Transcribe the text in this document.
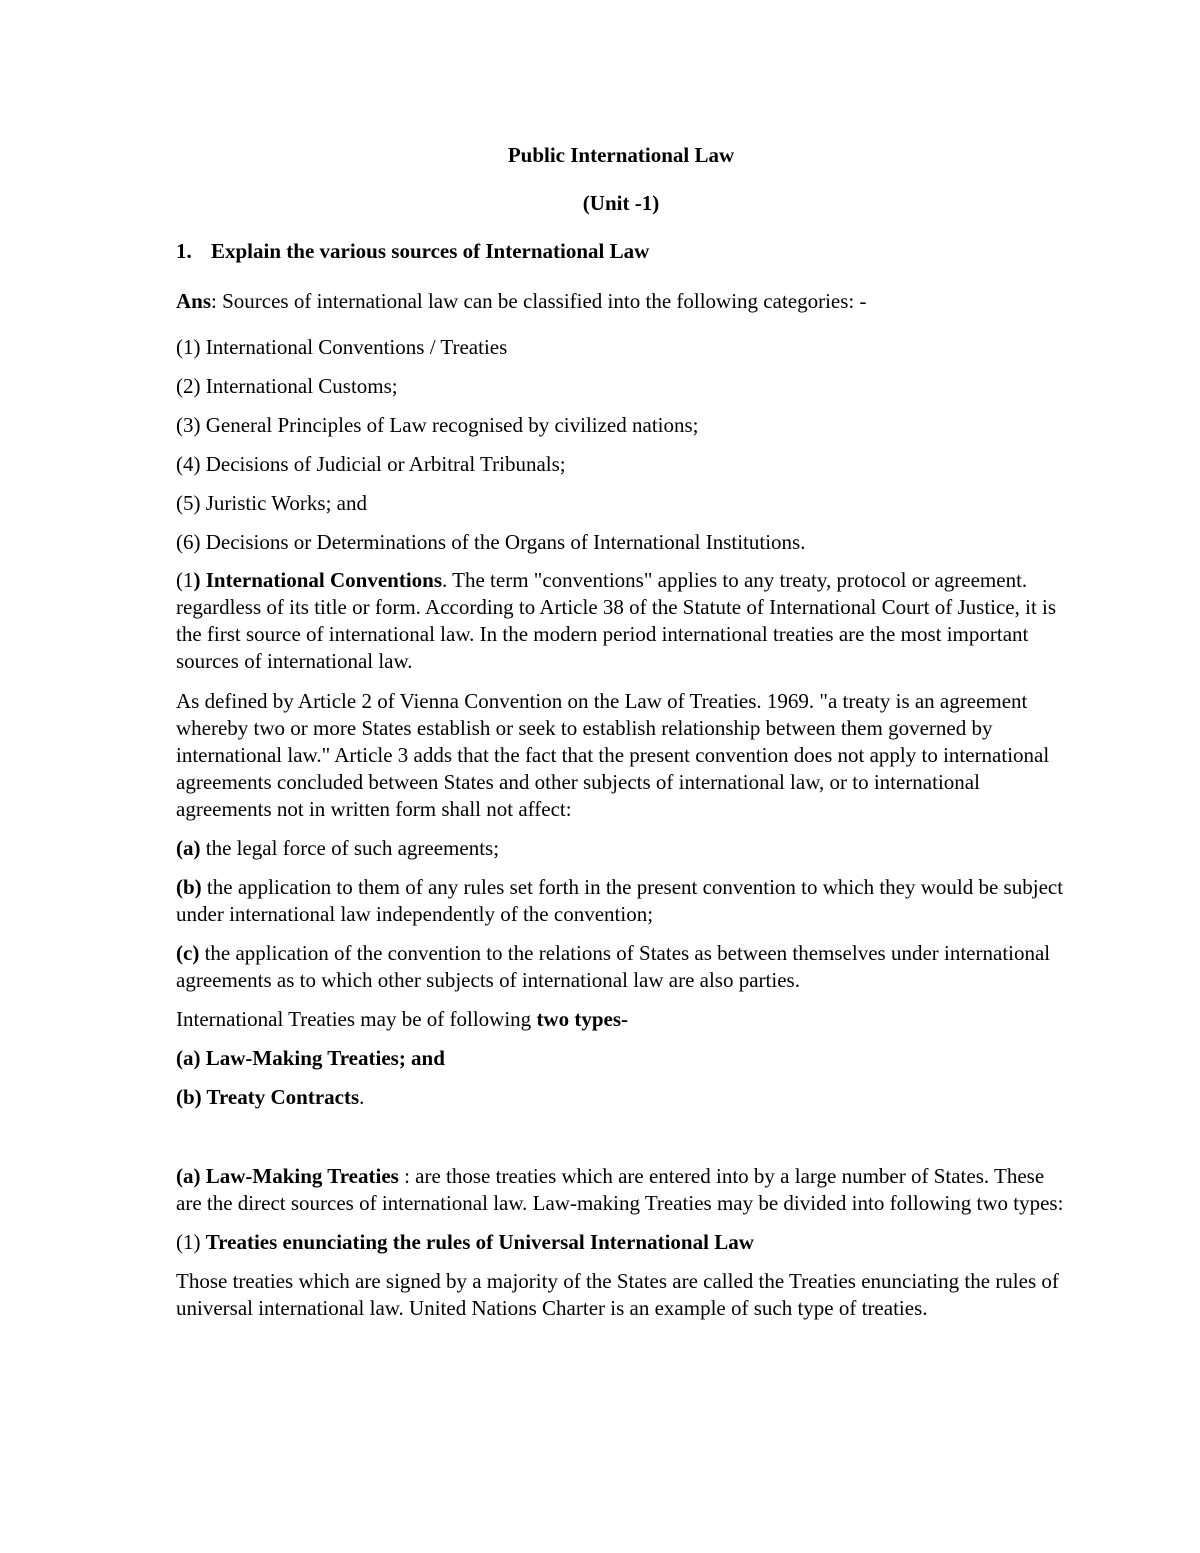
Public International Law

(Unit -1)

1. Explain the various sources of International Law

Ans: Sources of international law can be classified into the following categories: -

(1) International Conventions / Treaties

(2) International Customs;

(3) General Principles of Law recognised by civilized nations;

(4) Decisions of Judicial or Arbitral Tribunals;

(5) Juristic Works; and

(6) Decisions or Determinations of the Organs of International Institutions.

(1) International Conventions. The term "conventions" applies to any treaty, protocol or agreement. regardless of its title or form. According to Article 38 of the Statute of International Court of Justice, it is the first source of international law. In the modern period international treaties are the most important sources of international law.

As defined by Article 2 of Vienna Convention on the Law of Treaties. 1969. "a treaty is an agreement whereby two or more States establish or seek to establish relationship between them governed by international law." Article 3 adds that the fact that the present convention does not apply to international agreements concluded between States and other subjects of international law, or to international agreements not in written form shall not affect:

(a) the legal force of such agreements;

(b) the application to them of any rules set forth in the present convention to which they would be subject under international law independently of the convention;

(c) the application of the convention to the relations of States as between themselves under international agreements as to which other subjects of international law are also parties.

International Treaties may be of following two types-

(a) Law-Making Treaties; and

(b) Treaty Contracts.

(a) Law-Making Treaties : are those treaties which are entered into by a large number of States. These are the direct sources of international law. Law-making Treaties may be divided into following two types:

(1) Treaties enunciating the rules of Universal International Law

Those treaties which are signed by a majority of the States are called the Treaties enunciating the rules of universal international law. United Nations Charter is an example of such type of treaties.
